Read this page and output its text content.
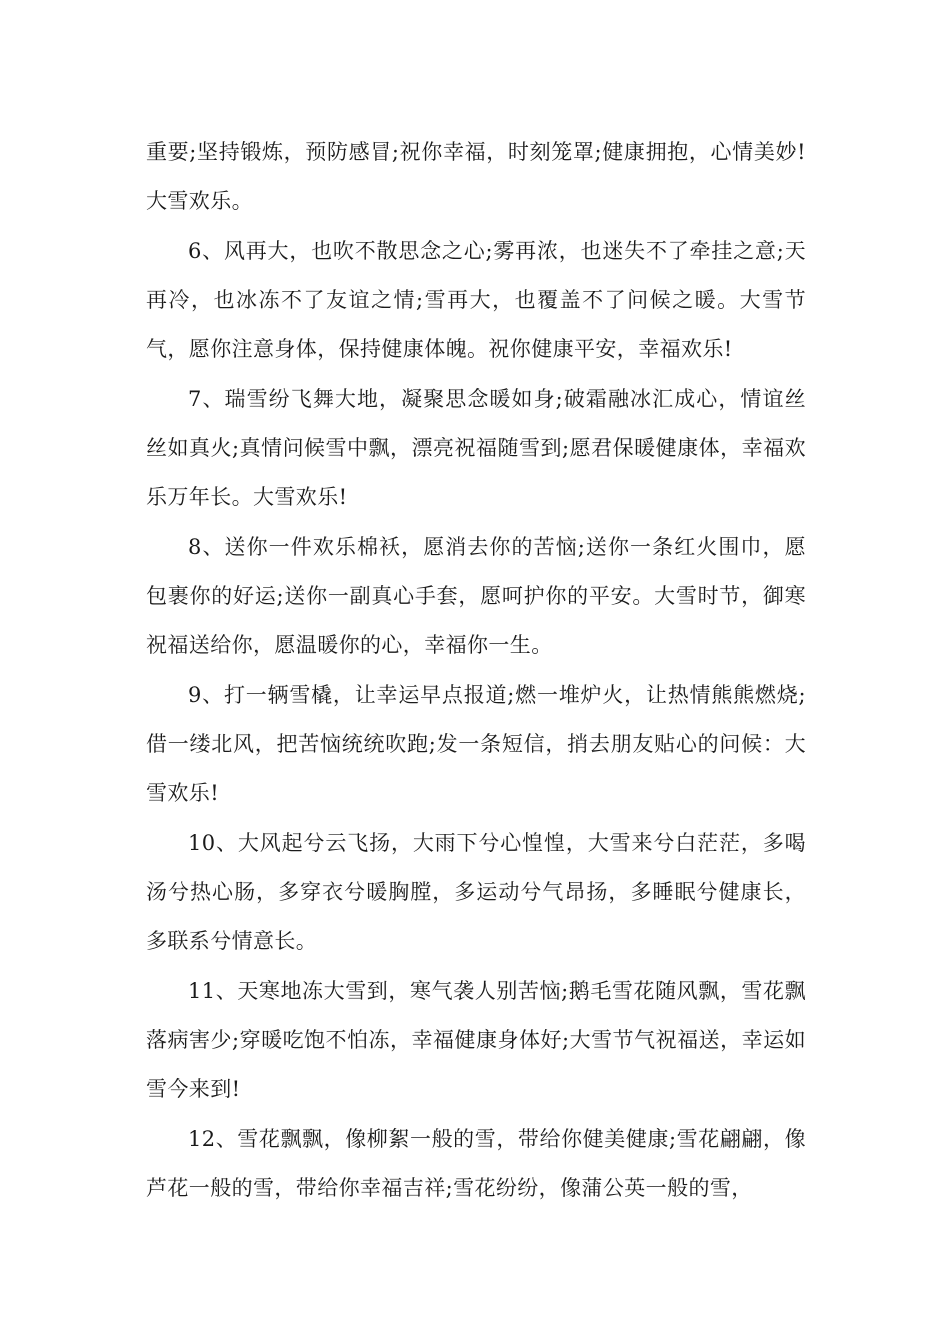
重要;坚持锻炼，预防感冒;祝你幸福，时刻笼罩;健康拥抱，心情美妙!大雪欢乐。

6、风再大，也吹不散思念之心;雾再浓，也迷失不了牵挂之意;天再冷，也冰冻不了友谊之情;雪再大，也覆盖不了问候之暖。大雪节气，愿你注意身体，保持健康体魄。祝你健康平安，幸福欢乐!

7、瑞雪纷飞舞大地，凝聚思念暖如身;破霜融冰汇成心，情谊丝丝如真火;真情问候雪中飘，漂亮祝福随雪到;愿君保暖健康体，幸福欢乐万年长。大雪欢乐!

8、送你一件欢乐棉袄，愿消去你的苦恼;送你一条红火围巾，愿包裹你的好运;送你一副真心手套，愿呵护你的平安。大雪时节，御寒祝福送给你，愿温暖你的心，幸福你一生。

9、打一辆雪橇，让幸运早点报道;燃一堆炉火，让热情熊熊燃烧;借一缕北风，把苦恼统统吹跑;发一条短信，捎去朋友贴心的问候：大雪欢乐!

10、大风起兮云飞扬，大雨下兮心惶惶，大雪来兮白茫茫，多喝汤兮热心肠，多穿衣兮暖胸膛，多运动兮气昂扬，多睡眠兮健康长，多联系兮情意长。

11、天寒地冻大雪到，寒气袭人别苦恼;鹅毛雪花随风飘，雪花飘落病害少;穿暖吃饱不怕冻，幸福健康身体好;大雪节气祝福送，幸运如雪今来到!

12、雪花飘飘，像柳絮一般的雪，带给你健美健康;雪花翩翩，像芦花一般的雪，带给你幸福吉祥;雪花纷纷，像蒲公英一般的雪，
